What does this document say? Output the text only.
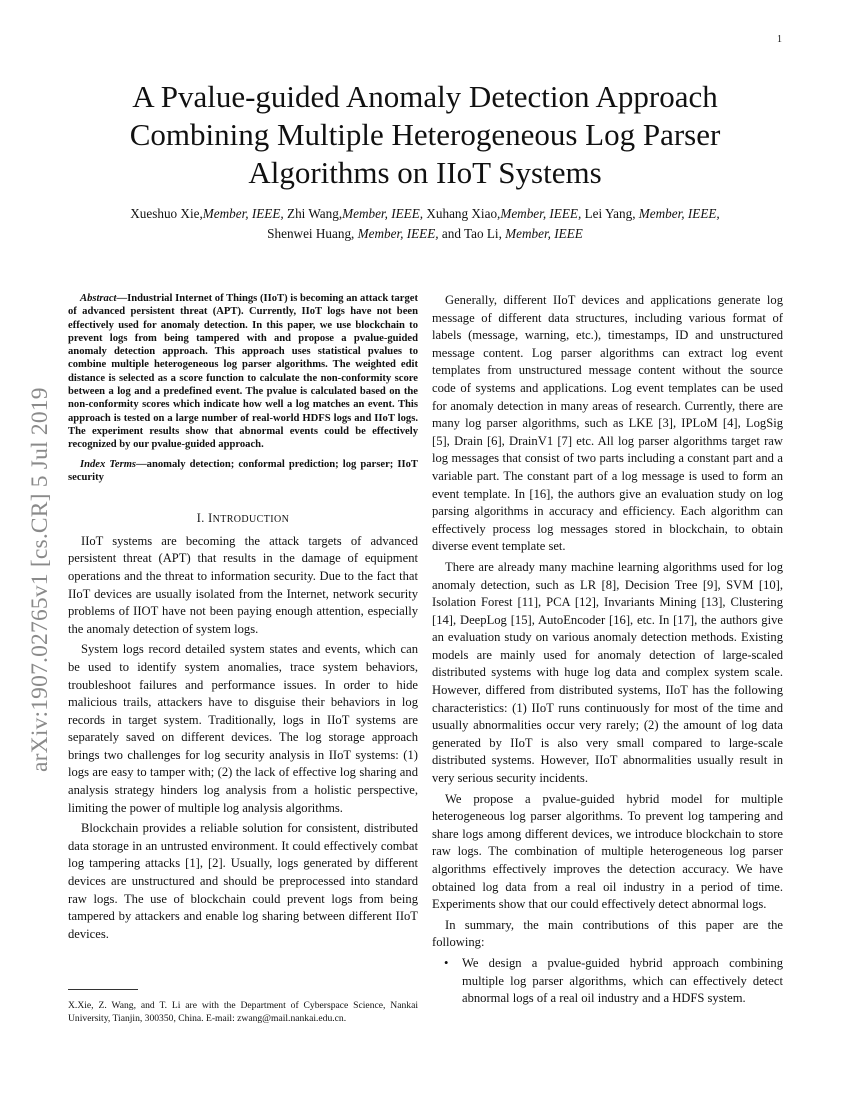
1
arXiv:1907.02765v1 [cs.CR] 5 Jul 2019
A Pvalue-guided Anomaly Detection Approach Combining Multiple Heterogeneous Log Parser Algorithms on IIoT Systems
Xueshuo Xie,Member, IEEE, Zhi Wang,Member, IEEE, Xuhang Xiao,Member, IEEE, Lei Yang, Member, IEEE,
Shenwei Huang, Member, IEEE, and Tao Li, Member, IEEE

Abstract—Industrial Internet of Things (IIoT) is becoming an attack target of advanced persistent threat (APT). Currently, IIoT logs have not been effectively used for anomaly detection. In this paper, we use blockchain to prevent logs from being tampered with and propose a pvalue-guided anomaly detection approach. This approach uses statistical pvalues to combine multiple heterogeneous log parser algorithms. The weighted edit distance is selected as a score function to calculate the non-conformity score between a log and a predefined event. The pvalue is calculated based on the non-conformity scores which indicate how well a log matches an event. This approach is tested on a large number of real-world HDFS logs and IIoT logs. The experiment results show that abnormal events could be effectively recognized by our pvalue-guided approach.

Index Terms—anomaly detection; conformal prediction; log parser; IIoT security

I. INTRODUCTION

IIoT systems are becoming the attack targets of advanced persistent threat (APT) that results in the damage of equipment operations and the threat to information security. Due to the fact that IIoT devices are usually isolated from the Internet, network security problems of IIOT have not been paying enough attention, especially the anomaly detection of system logs.

System logs record detailed system states and events, which can be used to identify system anomalies, trace system behaviors, troubleshoot failures and performance issues. In order to hide malicious trails, attackers have to disguise their behaviors in log records in target system. Traditionally, logs in IIoT systems are separately saved on different devices. The log storage approach brings two challenges for log security analysis in IIoT systems: (1) logs are easy to tamper with; (2) the lack of effective log sharing and analysis strategy hinders log analysis from a holistic perspective, limiting the power of multiple log analysis algorithms.

Blockchain provides a reliable solution for consistent, distributed data storage in an untrusted environment. It could effectively combat log tampering attacks [1], [2]. Usually, logs generated by different devices are unstructured and should be preprocessed into standard raw logs. The use of blockchain could prevent logs from being tampered by attackers and enable log sharing between different IIoT devices.

X.Xie, Z. Wang, and T. Li are with the Department of Cyberspace Science, Nankai University, Tianjin, 300350, China. E-mail: zwang@mail.nankai.edu.cn.

Generally, different IIoT devices and applications generate log message of different data structures, including various format of labels (message, warning, etc.), timestamps, ID and unstructured message content. Log parser algorithms can extract log event templates from unstructured message content without the source code of systems and applications. Log event templates can be used for anomaly detection in many areas of research. Currently, there are many log parser algorithms, such as LKE [3], IPLoM [4], LogSig [5], Drain [6], DrainV1 [7] etc. All log parser algorithms target raw log messages that consist of two parts including a constant part and a variable part. The constant part of a log message is used to form an event template. In [16], the authors give an evaluation study on log parsing algorithms in accuracy and efficiency. Each algorithm can effectively process log messages stored in blockchain, to obtain diverse event template set.

There are already many machine learning algorithms used for log anomaly detection, such as LR [8], Decision Tree [9], SVM [10], Isolation Forest [11], PCA [12], Invariants Mining [13], Clustering [14], DeepLog [15], AutoEncoder [16], etc. In [17], the authors give an evaluation study on various anomaly detection methods. Existing models are mainly used for anomaly detection of large-scaled distributed systems with huge log data and complex system scale. However, differed from distributed systems, IIoT has the following characteristics: (1) IIoT runs continuously for most of the time and usually abnormalities occur very rarely; (2) the amount of log data generated by IIoT is also very small compared to large-scale distributed systems. However, IIoT abnormalities usually result in very serious security incidents.

We propose a pvalue-guided hybrid model for multiple heterogeneous log parser algorithms. To prevent log tampering and share logs among different devices, we introduce blockchain to store raw logs. The combination of multiple heterogeneous log parser algorithms effectively improves the detection accuracy. We have obtained log data from a real oil industry in a period of time. Experiments show that our could effectively detect abnormal logs.

In summary, the main contributions of this paper are the following:

• We design a pvalue-guided hybrid approach combining multiple log parser algorithms, which can effectively detect abnormal logs of a real oil industry and a HDFS system.
